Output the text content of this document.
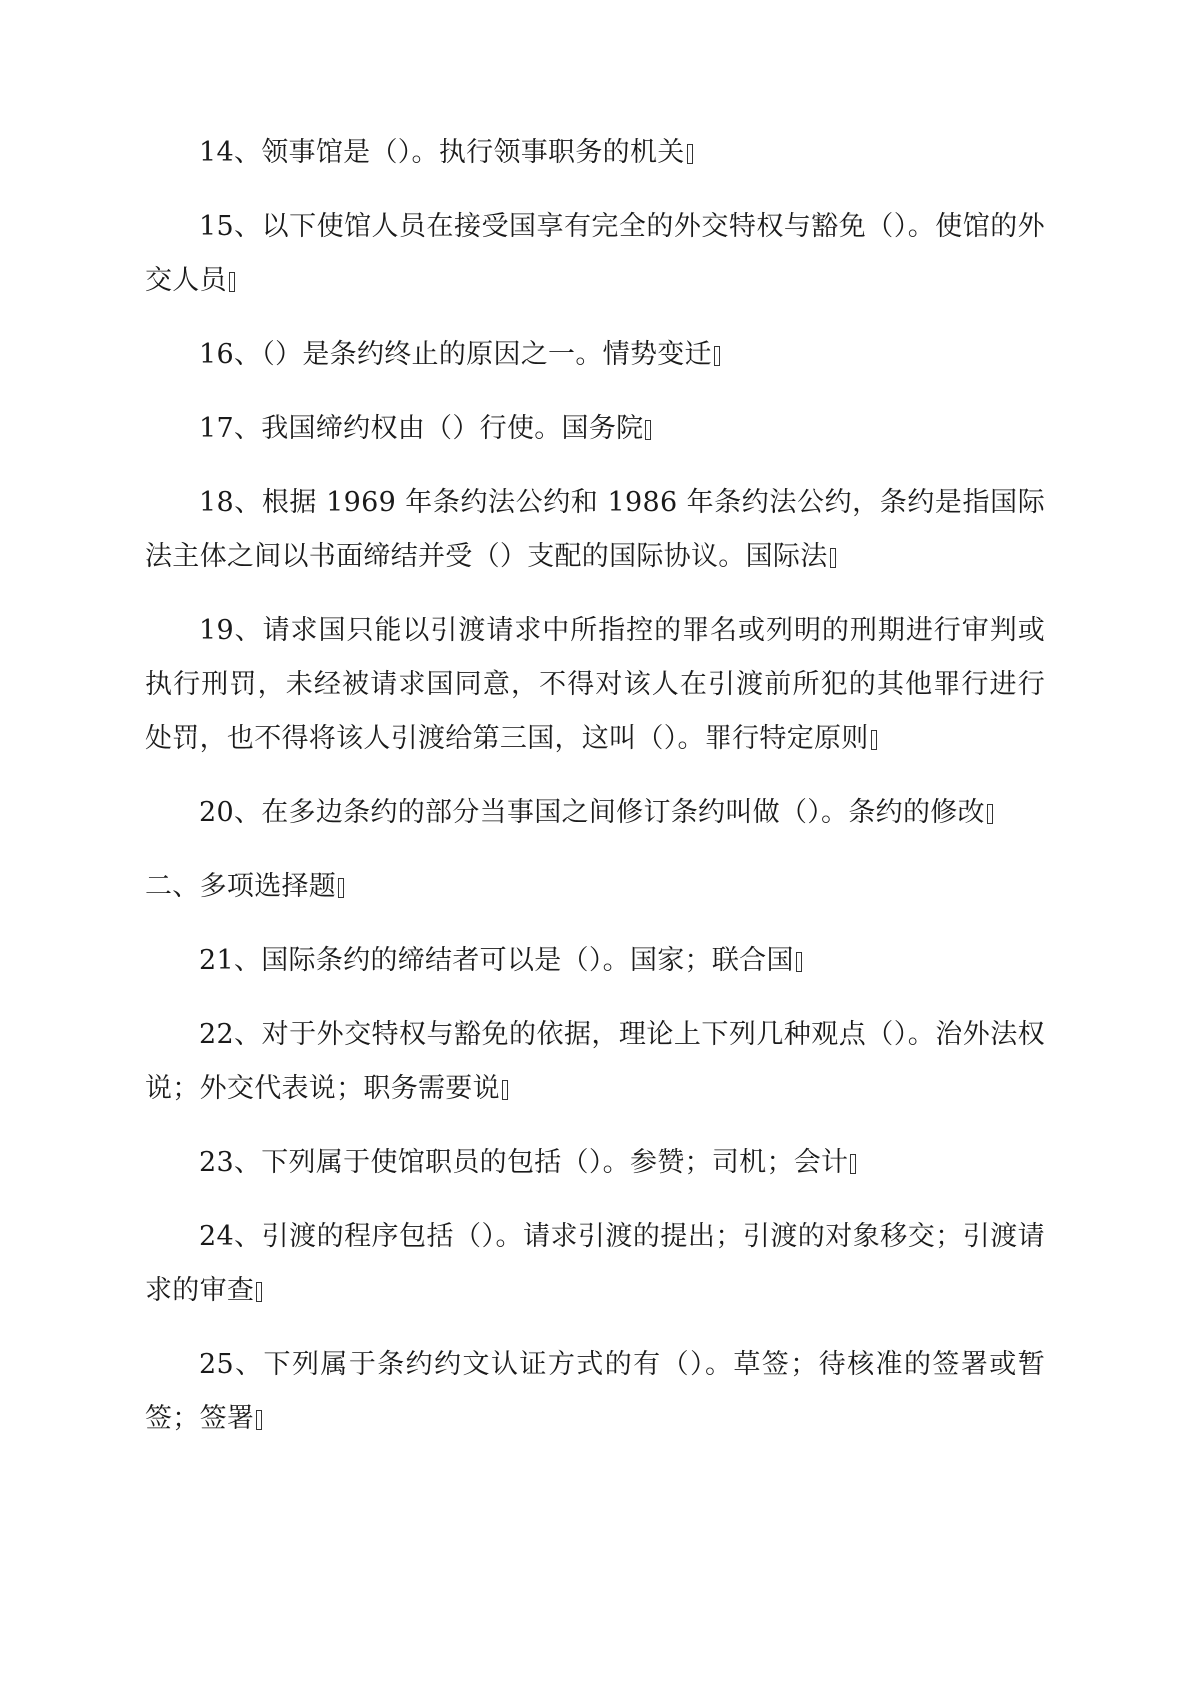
14、领事馆是（）。执行领事职务的机关

15、以下使馆人员在接受国享有完全的外交特权与豁免（）。使馆的外交人员

16、（）是条约终止的原因之一。情势变迁

17、我国缔约权由（）行使。国务院

18、根据 1969 年条约法公约和 1986 年条约法公约，条约是指国际法主体之间以书面缔结并受（）支配的国际协议。国际法

19、请求国只能以引渡请求中所指控的罪名或列明的刑期进行审判或执行刑罚，未经被请求国同意，不得对该人在引渡前所犯的其他罪行进行处罚，也不得将该人引渡给第三国，这叫（）。罪行特定原则

20、在多边条约的部分当事国之间修订条约叫做（）。条约的修改

二、多项选择题

21、国际条约的缔结者可以是（）。国家；联合国

22、对于外交特权与豁免的依据，理论上下列几种观点（）。治外法权说；外交代表说；职务需要说

23、下列属于使馆职员的包括（）。参赞；司机；会计

24、引渡的程序包括（）。请求引渡的提出；引渡的对象移交；引渡请求的审查

25、下列属于条约约文认证方式的有（）。草签；待核准的签署或暂签；签署
